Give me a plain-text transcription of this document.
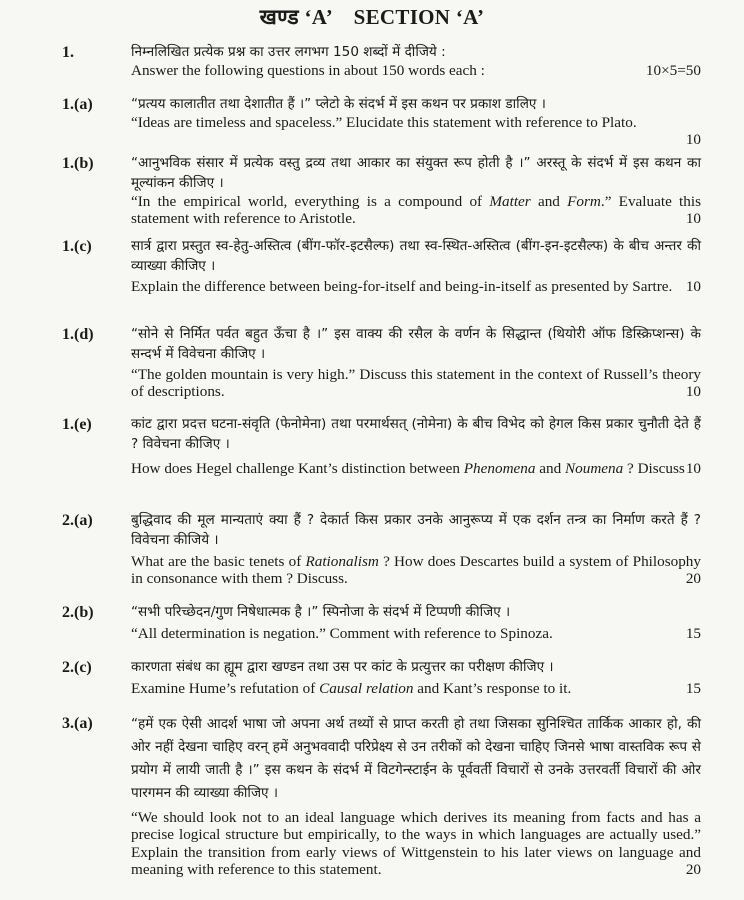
खण्ड ‘A’ SECTION ‘A’
1.	निम्नलिखित प्रत्येक प्रश्न का उत्तर लगभग 150 शब्दों में दीजिये :
Answer the following questions in about 150 words each :	10×5=50
1.(a)	“प्रत्यय कालातीत तथा देशातीत हैं ।” प्लेटो के संदर्भ में इस कथन पर प्रकाश डालिए ।
“Ideas are timeless and spaceless.” Elucidate this statement with reference to Plato.
10
1.(b)	“आनुभविक संसार में प्रत्येक वस्तु द्रव्य तथा आकार का संयुक्त रूप होती है ।” अरस्तू के संदर्भ में इस कथन का मूल्यांकन कीजिए ।
“In the empirical world, everything is a compound of Matter and Form.” Evaluate this statement with reference to Aristotle.	10
1.(c)	सार्त्र द्वारा प्रस्तुत स्व-हेतु-अस्तित्व (बींग-फॉर-इटसैल्फ) तथा स्व-स्थित-अस्तित्व (बींग-इन-इटसैल्फ) के बीच अन्तर की व्याख्या कीजिए ।
Explain the difference between being-for-itself and being-in-itself as presented by Sartre. 10
1.(d)	“सोने से निर्मित पर्वत बहुत ऊँचा है ।” इस वाक्य की रसैल के वर्णन के सिद्धान्त (थियोरी ऑफ डिस्क्रिप्शन्स) के सन्दर्भ में विवेचना कीजिए ।
“The golden mountain is very high.” Discuss this statement in the context of Russell’s theory of descriptions.	10
1.(e)	कांट द्वारा प्रदत्त घटना-संवृति (फेनोमेना) तथा परमार्थसत् (नोमेना) के बीच विभेद को हेगल किस प्रकार चुनौती देते हैं ? विवेचना कीजिए ।
How does Hegel challenge Kant’s distinction between Phenomena and Noumena ? Discuss 10
2.(a)	बुद्धिवाद की मूल मान्यताएं क्या हैं ? देकार्त किस प्रकार उनके आनुरूप्य में एक दर्शन तन्त्र का निर्माण करते हैं ? विवेचना कीजिये ।
What are the basic tenets of Rationalism ? How does Descartes build a system of Philosophy in consonance with them ? Discuss.	20
2.(b)	“सभी परिच्छेदन/गुण निषेधात्मक है ।” स्पिनोजा के संदर्भ में टिप्पणी कीजिए ।
“All determination is negation.” Comment with reference to Spinoza.	15
2.(c)	कारणता संबंध का ह्यूम द्वारा खण्डन तथा उस पर कांट के प्रत्युत्तर का परीक्षण कीजिए ।
Examine Hume’s refutation of Causal relation and Kant’s response to it.	15
3.(a)	“हमें एक ऐसी आदर्श भाषा जो अपना अर्थ तथ्यों से प्राप्त करती हो तथा जिसका सुनिश्चित तार्किक आकार हो, की ओर नहीं देखना चाहिए वरन् हमें अनुभववादी परिप्रेक्ष्य से उन तरीकों को देखना चाहिए जिनसे भाषा वास्तविक रूप से प्रयोग में लायी जाती है ।” इस कथन के संदर्भ में विटगेन्स्टाईन के पूर्ववर्ती विचारों से उनके उत्तरवर्ती विचारों की ओर पारगमन की व्याख्या कीजिए ।
“We should look not to an ideal language which derives its meaning from facts and has a precise logical structure but empirically, to the ways in which languages are actually used.” Explain the transition from early views of Wittgenstein to his later views on language and meaning with reference to this statement.	20
